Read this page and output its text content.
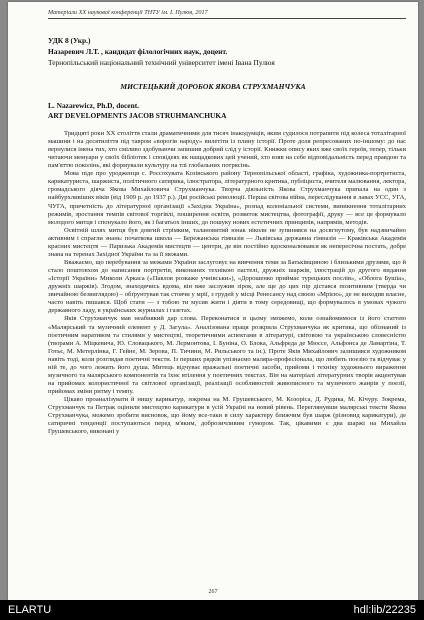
Матеріали ХХ наукової конференції ТНТУ ім. І. Пулюя, 2017
УДК 8 (Укр.)
Назаревич Л.Т. , кандидат філологічних наук, доцент.
Тернопільський національний технічний університет імені Івана Пулюя
МИСТЕЦЬКИЙ ДОРОБОК ЯКОВА СТРУХМАНЧУКА
L. Nazarewicz, Ph.D, docent.
ART DEVELOPMENTS JACOB STRUHMANCHUKA

Тридцяті роки ХХ століття стали драматичними для тисяч інакодумців, яким судилося потрапити під колеса тоталітарної машини і на десятиліття під тавром «ворогів народу» вилетіти із плину історії. Проте доля репресованих по-іншому: до нас вернулися імена тих, хто сміливо здобуваючи запишив добрий слід у історії. Книжки опису яких вже своїх героїв, тепер, тільки читаючи мемуари у своїх бібліотек і сповідеях як нащадкових цей учений, хто взяв на себе відповідальність перед правдою та пам'яттю поколінь, які формували культуру на тлі глобальних потрясінь.

Мова піде про уродженця с. Россохувата Козівського району Тернопільської області, графіка, художника-портретиста, карикатуриста, шаржиста, політичного сатирика, ілюстратора, літературного критика, публіциста, вчителя малювання, лектора, громадського діяча Якова Михайловича Струхманчука. Творча діяльність Якова Струхманчука припала на один з найбурхливіших віків (від 1909 р. до 1937 р.). Дві російські революції. Перша світова війна, переслідування в лавах УСС, УГА, ЧУГА, причетність до літературної організації «Західна Україна», розпад колоніальної системи, виникнення тоталітарних режимів, зростання темпів світової торгівлі, поширення освіти, розвиток мистецтва, фотографії, друку — все це формувало молодого митця і спонукало його, як і багатьох інших, до пошуку нових естетичних принципів, напрямів, методів.

Освітній шлях митця був довгий стрімким, талановитий юнак ніколи не зупинявся на досягнутому, був надзвичайно активним і спрагли знань: початкова школа — Бережанська гімназія — Львівська державна гімназія — Краківська Академія красних мистецтв — Паризька Академія мистецтв — центри, де він постійно вдосконалювався як непересічна постать, добре знана на теренах Західної України та за її межами.

Вважаємо, що перебування за межами України заслуговує на вивчення теми за Батьківщиною і близькими друзями, що й стало поштовхом до написання портретів, виконаних технікою пастелі, дружніх шаржів, ілюстрацій до другого видання «Історії України» Миколи Аркаса («Павлов розкаже учнівськи»), «Дорошенко приймає турецьких послів», «Облога Бушіа», дружніх шаржів). Згодом, знаходячись вдома, він вже заслужив зірок, але ще до цих пір дістався позитивним (тверда чи звичайною безвиглядою) – обґрунтував так стоячи у мрії, з грудей у місці Ренесансу над своєю «Мрією», де не виходив власне, часто навіть пишався. Щоб стати — з тобою ти мусив жити і діяти в тому середовищі, що формувалось в умовах чужого державного ладу, в українських журналах і газетах.

Яків Струхманчук мав неабиякий дар слова. Переконатися в цьому зможемо, коли ознайомимося із його статтею «Малярський та музичний елемент у Д. Загула». Аналізована праця розкрила Струхманчука як критика, що обізнаний із поетичним наративом та стилями у мистецтві, теоретичними аспектами в літературі, світовою та українською словесністю (творами А. Міцкевича, Ю. Словацького, М. Лєрмонтова, І. Буніна, О. Блока, Альфреда де Мюссе, Альфонса де Ламартіна, Т. Готьє, М. Метерлінка, Г. Гейне, М. Зерова, П. Тичини, М. Рильського та ін.). Проте Яків Михайлович залишився художником навіть тоді, коли розглядав поетичні тексти. Із перших рядків упізнаємо маляра-професіонала, що любить поезію та відчуває у ній те, до чого лежить його душа. Митець відчуває вражальні поетичні засоби, прийоми і техніку художнього вираження музичного та малярського компонентів та їхнє втілення у поетичних текстах. Він на матеріалі літературних творів акцентував на прийомах колористичної та світлової організації, реалізації особливостей живописного та музичного жанрів у поезії, прийомах зміни ритму і темпу.

Цікаво проаналізувати й нишу карикатур, зокрема на М. Грушевського, М. Козоріса, Д. Рудика, М. Кічуру. Зокрема, Струхманчук та Петрак оцінили мистецтво карикатури в усій Україні на новий рівень. Переглянувши малярські тексти Якова Струхманчука, можемо зробити висновок, що йому все-таки в силу характеру ближчим був шарж (різновид карикатури), де сатиричні тенденції поступаються перед м'яким, доброзичливим гумором. Так, цікавими є два шаржі на Михайла Грушевського, виконані у

267
ELARTU	hdl:lib/22235
